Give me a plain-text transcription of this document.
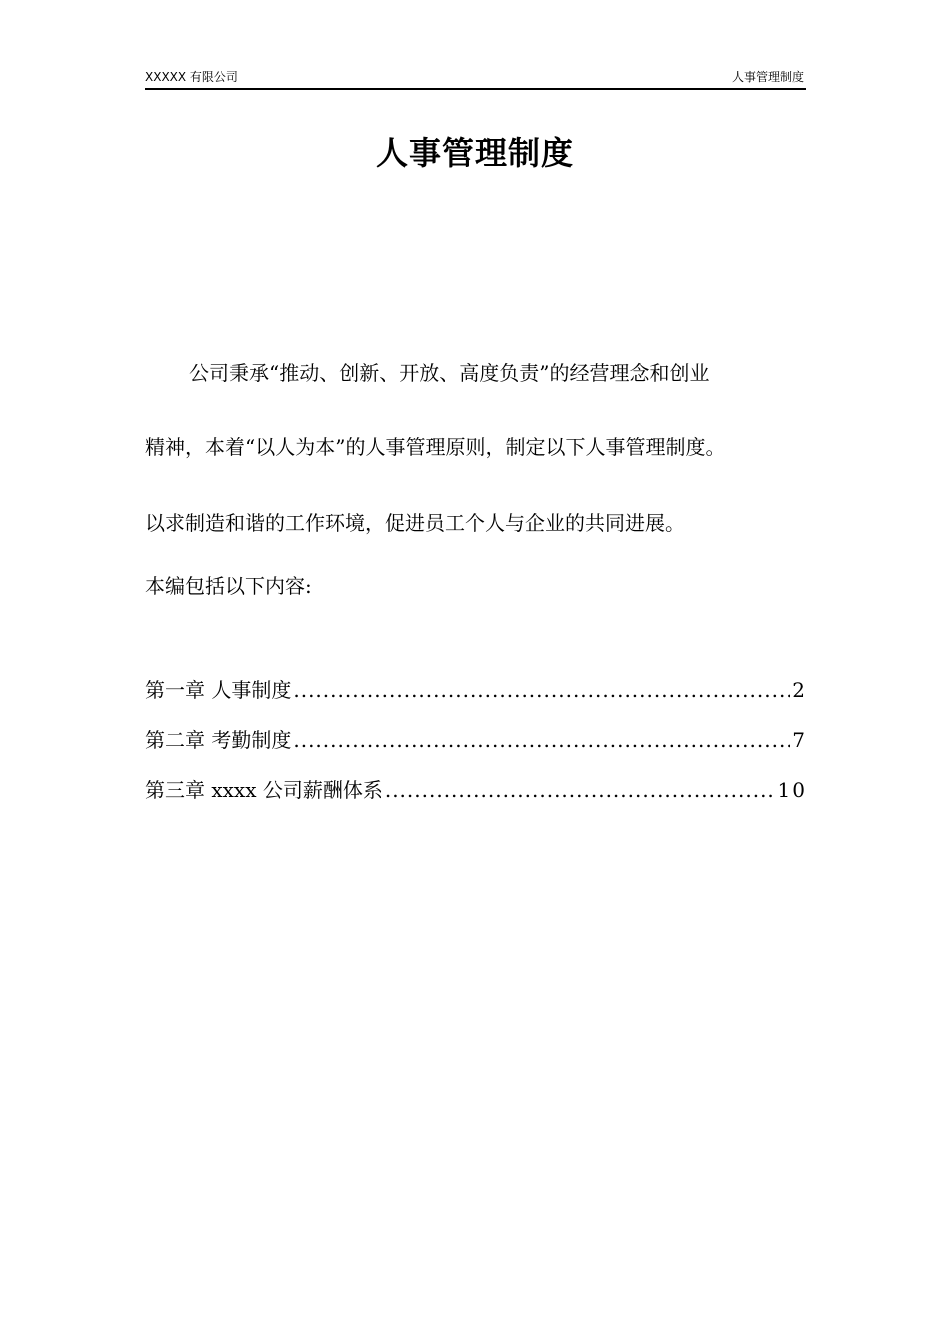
XXXXX 有限公司	人事管理制度
人事管理制度
公司秉承“推动、创新、开放、高度负责”的经营理念和创业
精神，本着“以人为本”的人事管理原则，制定以下人事管理制度。
以求制造和谐的工作环境，促进员工个人与企业的共同进展。
本编包括以下内容:
第一章 人事制度 .....	2
第二章 考勤制度 .....	7
第三章 xxxx 公司薪酬体系 .....	10
